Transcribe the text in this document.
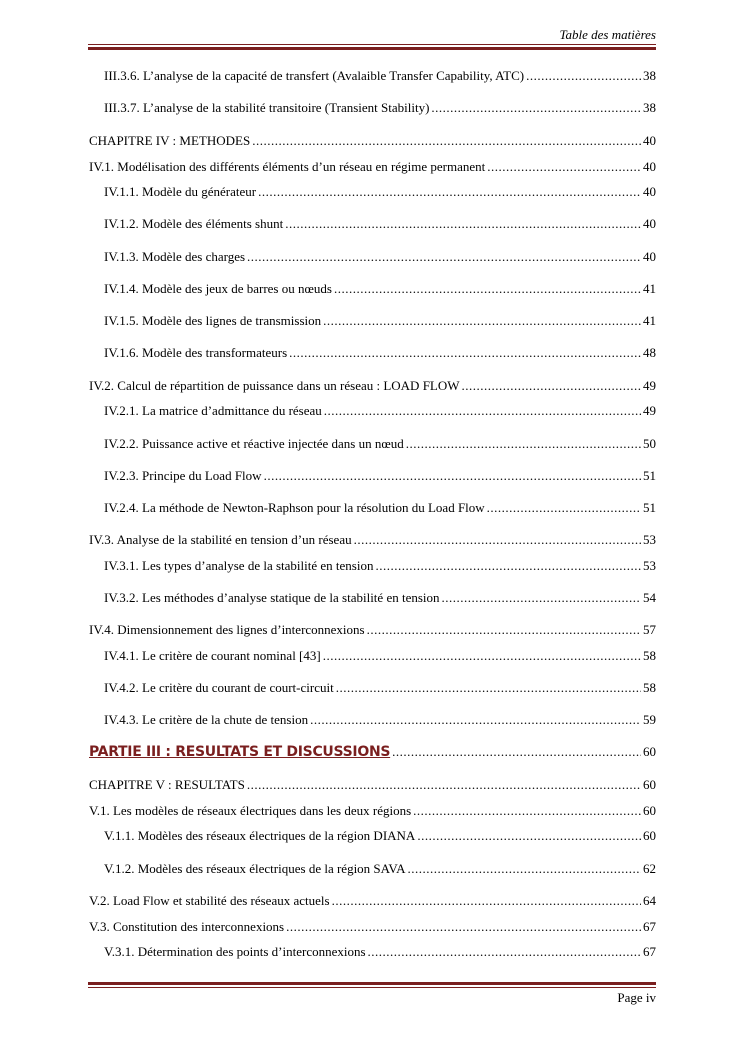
Table des matières
III.3.6. L’analyse de la capacité de transfert (Avalaible Transfer Capability, ATC) .....	38
III.3.7. L’analyse de la stabilité transitoire (Transient Stability) .....	38
CHAPITRE IV : METHODES .....	40
IV.1. Modélisation des différents éléments d’un réseau en régime permanent .....	40
IV.1.1. Modèle du générateur .....	40
IV.1.2. Modèle des éléments shunt .....	40
IV.1.3. Modèle des charges .....	40
IV.1.4. Modèle des jeux de barres ou nœuds .....	41
IV.1.5. Modèle des lignes de transmission .....	41
IV.1.6. Modèle des transformateurs .....	48
IV.2. Calcul de répartition de puissance dans un réseau : LOAD FLOW .....	49
IV.2.1. La matrice d’admittance du réseau .....	49
IV.2.2. Puissance active et réactive injectée dans un nœud .....	50
IV.2.3. Principe du Load Flow .....	51
IV.2.4. La méthode de Newton-Raphson pour la résolution du Load Flow .....	51
IV.3. Analyse de la stabilité en tension d’un réseau .....	53
IV.3.1. Les types d’analyse de la stabilité en tension .....	53
IV.3.2. Les méthodes d’analyse statique de la stabilité en tension .....	54
IV.4. Dimensionnement des lignes d’interconnexions .....	57
IV.4.1. Le critère de courant nominal [43] .....	58
IV.4.2. Le critère du courant de court-circuit .....	58
IV.4.3. Le critère de la chute de tension .....	59
PARTIE III : RESULTATS ET DISCUSSIONS .....	60
CHAPITRE V : RESULTATS .....	60
V.1. Les modèles de réseaux électriques dans les deux régions .....	60
V.1.1. Modèles des réseaux électriques de la région DIANA .....	60
V.1.2. Modèles des réseaux électriques de la région SAVA .....	62
V.2. Load Flow et stabilité des réseaux actuels .....	64
V.3. Constitution des interconnexions .....	67
V.3.1. Détermination des points d’interconnexions .....	67
Page iv
